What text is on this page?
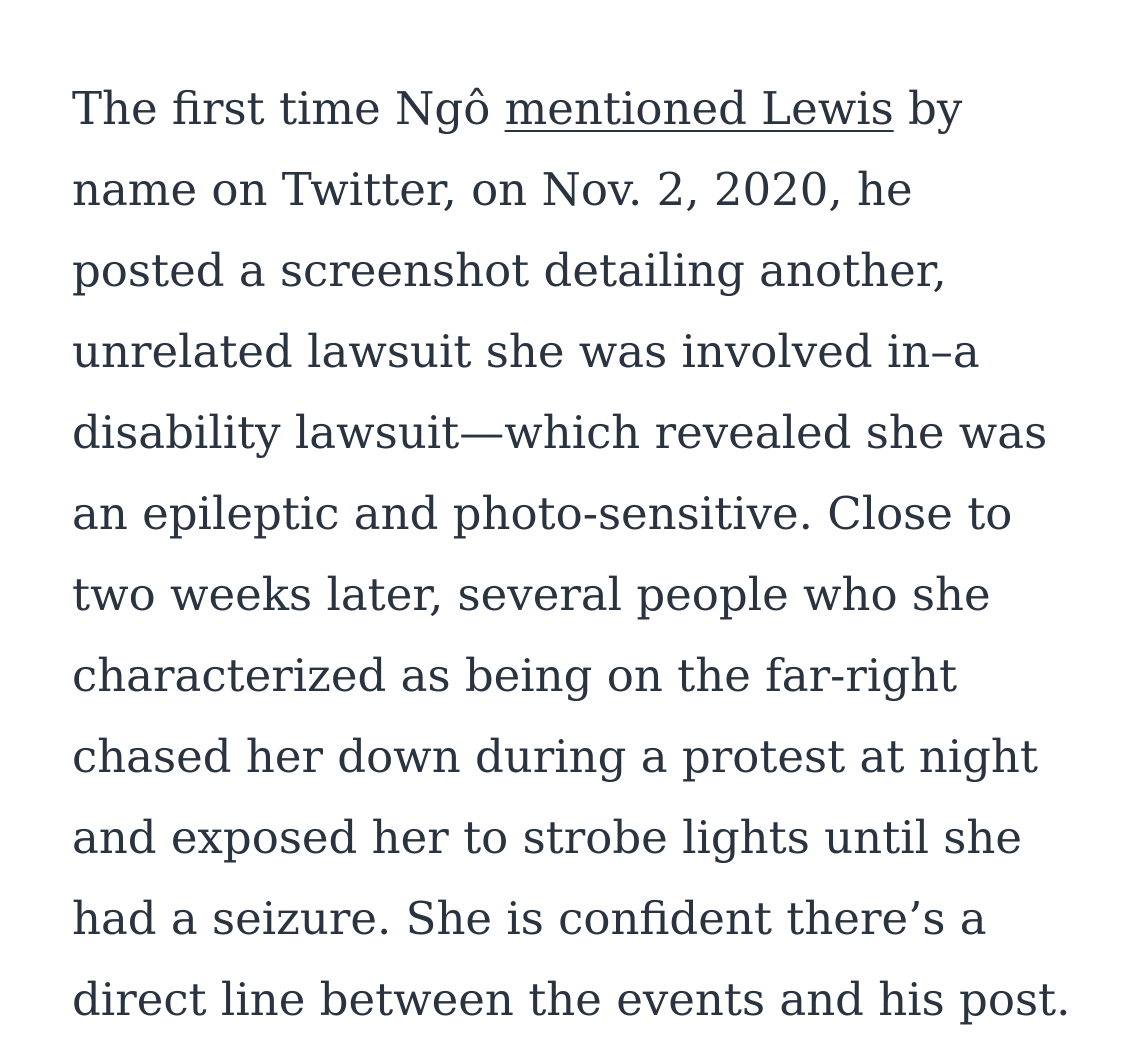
The first time Ngô mentioned Lewis by
name on Twitter, on Nov. 2, 2020, he
posted a screenshot detailing another,
unrelated lawsuit she was involved in–a
disability lawsuit—which revealed she was
an epileptic and photo-sensitive. Close to
two weeks later, several people who she
characterized as being on the far-right
chased her down during a protest at night
and exposed her to strobe lights until she
had a seizure. She is confident there’s a
direct line between the events and his post.
